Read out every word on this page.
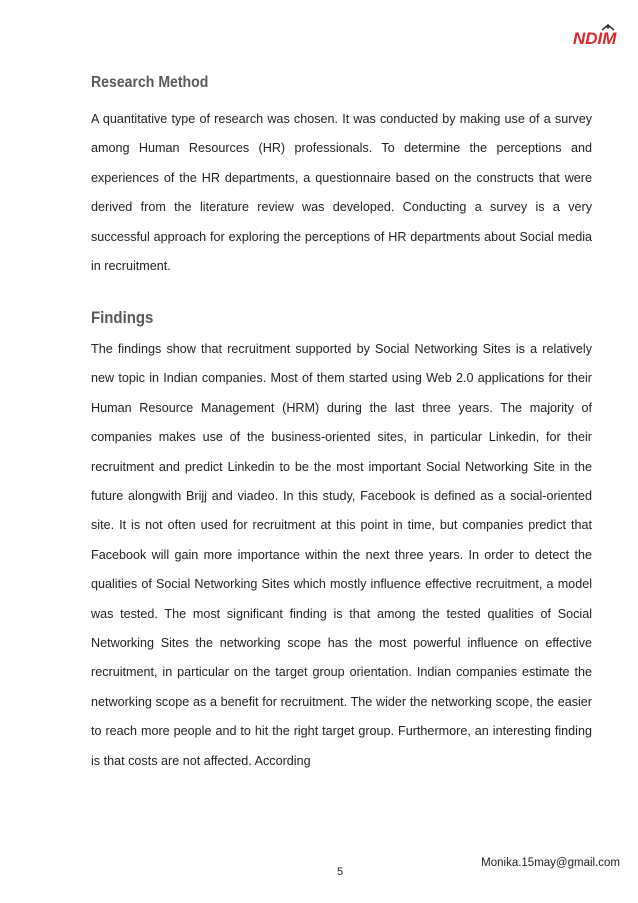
NDIM
Research Method

A quantitative type of research was chosen. It was conducted by making use of a survey among Human Resources (HR) professionals. To determine the perceptions and experiences of the HR departments, a questionnaire based on the constructs that were derived from the literature review was developed. Conducting a survey is a very successful approach for exploring the perceptions of HR departments about Social media in recruitment.

Findings

The findings show that recruitment supported by Social Networking Sites is a relatively new topic in Indian companies. Most of them started using Web 2.0 applications for their Human Resource Management (HRM) during the last three years. The majority of companies makes use of the business-oriented sites, in particular Linkedin, for their recruitment and predict Linkedin to be the most important Social Networking Site in the future alongwith Brijj and viadeo. In this study, Facebook is defined as a social-oriented site. It is not often used for recruitment at this point in time, but companies predict that Facebook will gain more importance within the next three years. In order to detect the qualities of Social Networking Sites which mostly influence effective recruitment, a model was tested. The most significant finding is that among the tested qualities of Social Networking Sites the networking scope has the most powerful influence on effective recruitment, in particular on the target group orientation. Indian companies estimate the networking scope as a benefit for recruitment. The wider the networking scope, the easier to reach more people and to hit the right target group. Furthermore, an interesting finding is that costs are not affected. According

Monika.15may@gmail.com
5
